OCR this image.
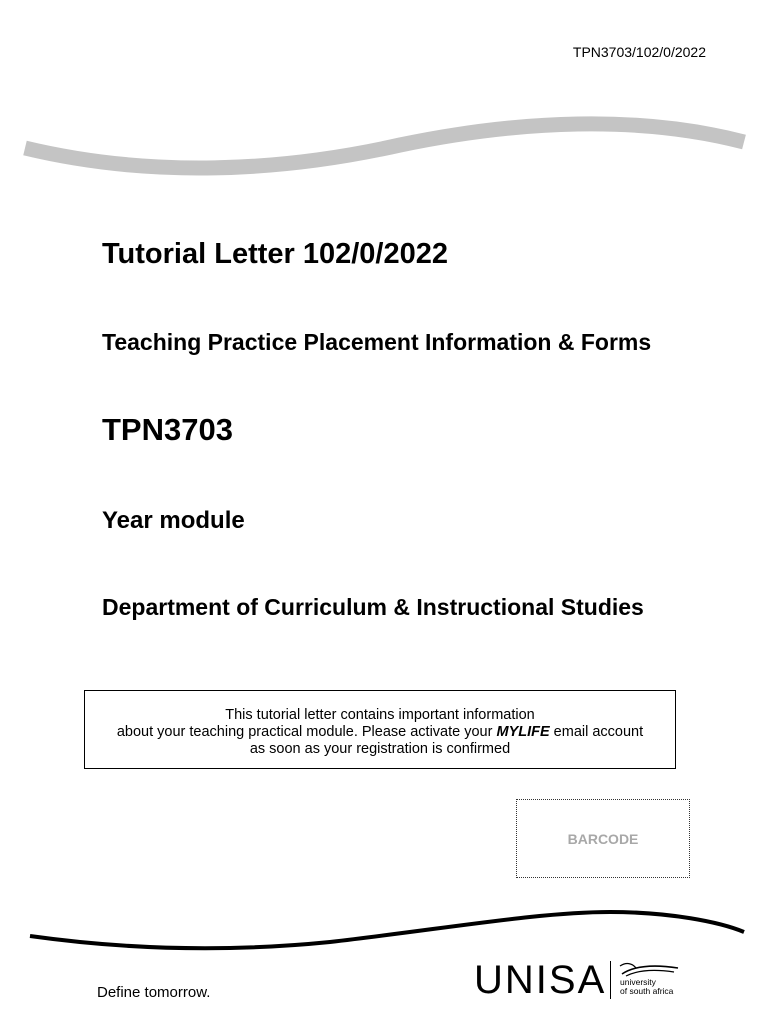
TPN3703/102/0/2022
Tutorial Letter 102/0/2022
Teaching Practice Placement Information & Forms
TPN3703
Year module
Department of Curriculum & Instructional Studies
This tutorial letter contains important information
about your teaching practical module. Please activate your MYLIFE email account
as soon as your registration is confirmed
BARCODE
Define tomorrow.	UNISA university
of south africa
